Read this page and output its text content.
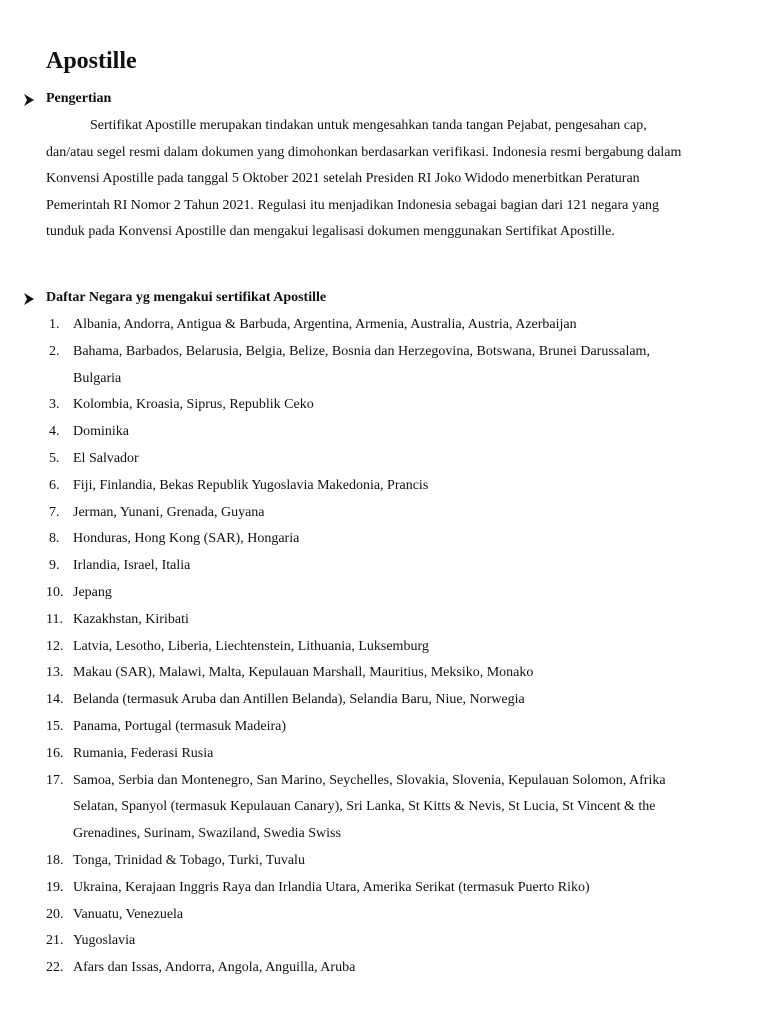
Apostille
Pengertian

Sertifikat Apostille merupakan tindakan untuk mengesahkan tanda tangan Pejabat, pengesahan cap, dan/atau segel resmi dalam dokumen yang dimohonkan berdasarkan verifikasi. Indonesia resmi bergabung dalam Konvensi Apostille pada tanggal 5 Oktober 2021 setelah Presiden RI Joko Widodo menerbitkan Peraturan Pemerintah RI Nomor 2 Tahun 2021. Regulasi itu menjadikan Indonesia sebagai bagian dari 121 negara yang tunduk pada Konvensi Apostille dan mengakui legalisasi dokumen menggunakan Sertifikat Apostille.

Daftar Negara yg mengakui sertifikat Apostille
1. Albania, Andorra, Antigua & Barbuda, Argentina, Armenia, Australia, Austria, Azerbaijan
2. Bahama, Barbados, Belarusia, Belgia, Belize, Bosnia dan Herzegovina, Botswana, Brunei Darussalam, Bulgaria
3. Kolombia, Kroasia, Siprus, Republik Ceko
4. Dominika
5. El Salvador
6. Fiji, Finlandia, Bekas Republik Yugoslavia Makedonia, Prancis
7. Jerman, Yunani, Grenada, Guyana
8. Honduras, Hong Kong (SAR), Hongaria
9. Irlandia, Israel, Italia
10. Jepang
11. Kazakhstan, Kiribati
12. Latvia, Lesotho, Liberia, Liechtenstein, Lithuania, Luksemburg
13. Makau (SAR), Malawi, Malta, Kepulauan Marshall, Mauritius, Meksiko, Monako
14. Belanda (termasuk Aruba dan Antillen Belanda), Selandia Baru, Niue, Norwegia
15. Panama, Portugal (termasuk Madeira)
16. Rumania, Federasi Rusia
17. Samoa, Serbia dan Montenegro, San Marino, Seychelles, Slovakia, Slovenia, Kepulauan Solomon, Afrika Selatan, Spanyol (termasuk Kepulauan Canary), Sri Lanka, St Kitts & Nevis, St Lucia, St Vincent & the Grenadines, Surinam, Swaziland, Swedia Swiss
18. Tonga, Trinidad & Tobago, Turki, Tuvalu
19. Ukraina, Kerajaan Inggris Raya dan Irlandia Utara, Amerika Serikat (termasuk Puerto Riko)
20. Vanuatu, Venezuela
21. Yugoslavia
22. Afars dan Issas, Andorra, Angola, Anguilla, Aruba
